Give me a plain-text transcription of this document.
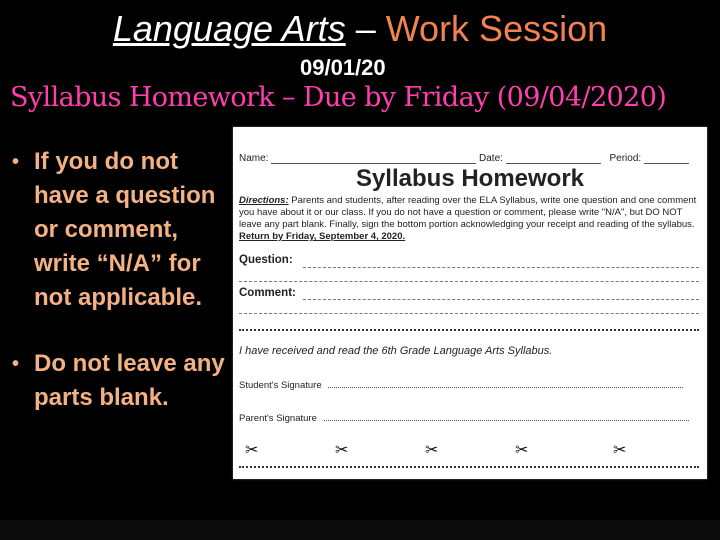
Language Arts – Work Session
09/01/20
Syllabus Homework – Due by Friday (09/04/2020)
• If you do not have a question or comment, write “N/A” for not applicable.
• Do not leave any parts blank.
Name:	Date:	Period:
Syllabus Homework
Directions: Parents and students, after reading over the ELA Syllabus, write one question and one comment you have about it or our class. If you do not have a question or comment, please write "N/A", but DO NOT leave any part blank. Finally, sign the bottom portion acknowledging your receipt and reading of the syllabus. Return by Friday, September 4, 2020.
Question:
Comment:
I have received and read the 6th Grade Language Arts Syllabus.
Student's Signature
Parent's Signature
✂	✂	✂	✂	✂
